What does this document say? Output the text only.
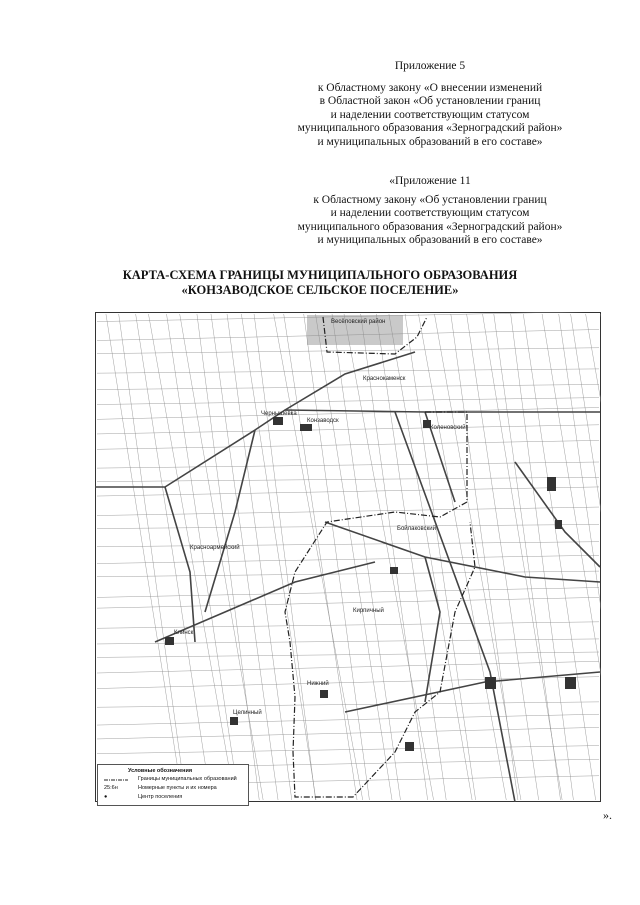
Приложение 5
к Областному закону «О внесении изменений
в Областной закон «Об установлении границ
и наделении соответствующим статусом
муниципального образования «Зерноградский район»
и муниципальных образований в его составе»
«Приложение 11
к Областному закону «Об установлении границ
и наделении соответствующим статусом
муниципального образования «Зерноградский район»
и муниципальных образований в его составе»
КАРТА-СХЕМА ГРАНИЦЫ МУНИЦИПАЛЬНОГО ОБРАЗОВАНИЯ
«КОНЗАВОДСКОЕ СЕЛЬСКОЕ ПОСЕЛЕНИЕ»
Весёловский район
Чернышевка
Конзаводск
Краснокаменск
Коленовский
Бойлаковский
Красноармейский
Кирпичный
Клинск
Нижний
Целинный
Условные обозначения
Границы муниципальных образований
25:6н	Номерные пункты и их номера
●	Центр поселения
».
